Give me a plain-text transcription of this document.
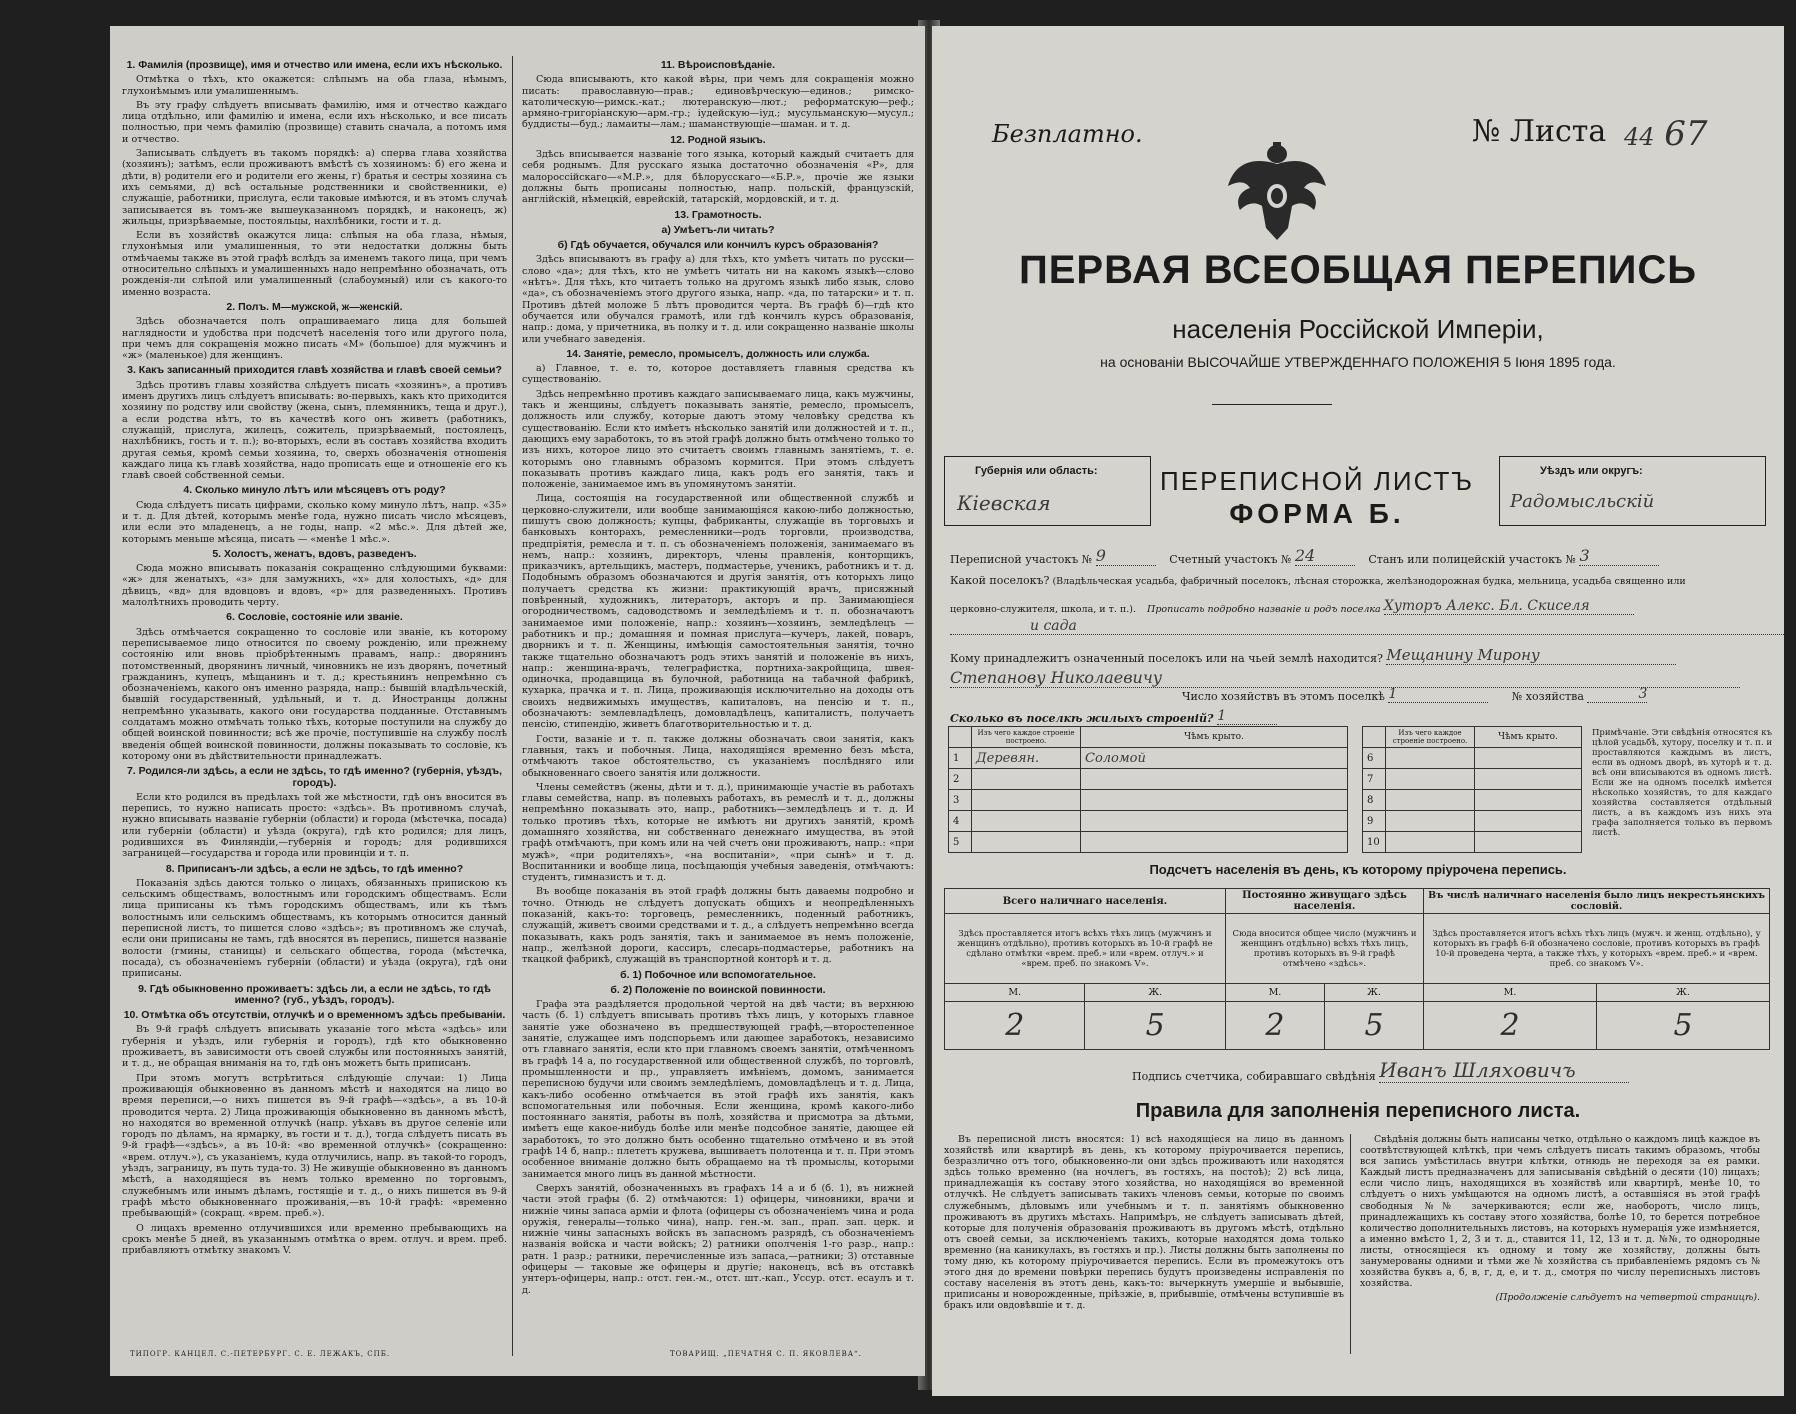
1. Фамилія (прозвище), имя и отчество или имена, если ихъ нѣсколько.

Отмѣтка о тѣхъ, кто окажется: слѣпымъ на оба глаза, нѣмымъ, глухонѣмымъ или умалишеннымъ.

Въ эту графу слѣдуетъ вписывать фамилію, имя и отчество каждаго лица отдѣльно, или фамилію и имена, если ихъ нѣсколько, и все писать полностью, при чемъ фамилію (прозвище) ставить сначала, а потомъ имя и отчество.

Записывать слѣдуетъ въ такомъ порядкѣ: а) сперва глава хозяйства (хозяинъ); затѣмъ, если проживаютъ вмѣстѣ съ хозяиномъ: б) его жена и дѣти, в) родители его и родители его жены, г) братья и сестры хозяина съ ихъ семьями, д) всѣ остальные родственники и свойственники, е) служащіе, работники, прислуга, если таковые имѣются, и въ этомъ случаѣ записывается въ томъ-же вышеуказанномъ порядкѣ, и наконецъ, ж) жильцы, призрѣваемые, постояльцы, нахлѣбники, гости и т. д.

Если въ хозяйствѣ окажутся лица: слѣпыя на оба глаза, нѣмыя, глухонѣмыя или умалишенныя, то эти недостатки должны быть отмѣчаемы также въ этой графѣ вслѣдъ за именемъ такого лица, при чемъ относительно слѣпыхъ и умалишенныхъ надо непремѣнно обозначать, отъ рожденія-ли слѣпой или умалишенный (слабоумный) или съ какого-то именно возраста.

2. Полъ. М—мужской, ж—женскій.

Здѣсь обозначается полъ опрашиваемаго лица для большей наглядности и удобства при подсчетѣ населенія того или другого пола, при чемъ для сокращенія можно писать «М» (большое) для мужчинъ и «ж» (маленькое) для женщинъ.

3. Какъ записанный приходится главѣ хозяйства и главѣ своей семьи?

Здѣсь противъ главы хозяйства слѣдуетъ писать «хозяинъ», а противъ именъ другихъ лицъ слѣдуетъ вписывать: во-первыхъ, какъ кто приходится хозяину по родству или свойству (жена, сынъ, племянникъ, теща и друг.), а если родства нѣтъ, то въ качествѣ кого онъ живетъ (работникъ, служащій, прислуга, жилецъ, сожитель, призрѣваемый, постоялецъ, нахлѣбникъ, гость и т. п.); во-вторыхъ, если въ составъ хозяйства входитъ другая семья, кромѣ семьи хозяина, то, сверхъ обозначенія отношенія каждаго лица къ главѣ хозяйства, надо прописать еще и отношеніе его къ главѣ своей собственной семьи.

4. Сколько минуло лѣтъ или мѣсяцевъ отъ роду?

Сюда слѣдуетъ писать цифрами, сколько кому минуло лѣтъ, напр. «35» и т. д. Для дѣтей, которымъ менѣе года, нужно писать число мѣсяцевъ, или если это младенецъ, а не годы, напр. «2 мѣс.». Для дѣтей же, которымъ меньше мѣсяца, писать — «менѣе 1 мѣс.».

5. Холостъ, женатъ, вдовъ, разведенъ.

Сюда можно вписывать показанія сокращенно слѣдующими буквами: «ж» для женатыхъ, «з» для замужнихъ, «х» для холостыхъ, «д» для дѣвицъ, «вд» для вдовцовъ и вдовъ, «р» для разведенныхъ. Противъ малолѣтнихъ проводить черту.

6. Сословіе, состояніе или званіе.

Здѣсь отмѣчается сокращенно то сословіе или званіе, къ которому переписываемое лицо относится по своему рожденію, или прежнему состоянію или вновь пріобрѣтеннымъ правамъ, напр.: дворянинъ потомственный, дворянинъ личный, чиновникъ не изъ дворянъ, почетный гражданинъ, купецъ, мѣщанинъ и т. д.; крестьянинъ непремѣнно съ обозначеніемъ, какого онъ именно разряда, напр.: бывшій владѣльческій, бывшій государственный, удѣльный, и т. д. Иностранцы должны непремѣнно указывать, какого они государства подданные. Отставнымъ солдатамъ можно отмѣчать только тѣхъ, которые поступили на службу до общей воинской повинности; всѣ же прочіе, поступившіе на службу послѣ введенія общей воинской повинности, должны показывать то сословіе, къ которому они въ дѣйствительности принадлежатъ.

7. Родился-ли здѣсь, а если не здѣсь, то гдѣ именно? (губернія, уѣздъ, городъ).

Если кто родился въ предѣлахъ той же мѣстности, гдѣ онъ вносится въ перепись, то нужно написать просто: «здѣсь». Въ противномъ случаѣ, нужно вписывать названіе губерніи (области) и города (мѣстечка, посада) или губерніи (области) и уѣзда (округа), гдѣ кто родился; для лицъ, родившихся въ Финляндіи,—губернія и городъ; для родившихся заграницей—государства и города или провинціи и т. п.

8. Приписанъ-ли здѣсь, а если не здѣсь, то гдѣ именно?

Показанія здѣсь даются только о лицахъ, обязанныхъ припискою къ сельскимъ обществамъ, волостнымъ или городскимъ обществамъ. Если лица приписаны къ тѣмъ городскимъ обществамъ, или къ тѣмъ волостнымъ или сельскимъ обществамъ, къ которымъ относится данный переписной листъ, то пишется слово «здѣсь»; въ противномъ же случаѣ, если они приписаны не тамъ, гдѣ вносятся въ перепись, пишется названіе волости (гмины, станицы) и сельскаго общества, города (мѣстечка, посада), съ обозначеніемъ губерніи (области) и уѣзда (округа), гдѣ они приписаны.

9. Гдѣ обыкновенно проживаетъ: здѣсь ли, а если не здѣсь, то гдѣ именно? (губ., уѣздъ, городъ).
10. Отмѣтка объ отсутствіи, отлучкѣ и о временномъ здѣсь пребываніи.

Въ 9-й графѣ слѣдуетъ вписывать указаніе того мѣста «здѣсь» или губернія и уѣздъ, или губернія и городъ), гдѣ кто обыкновенно проживаетъ, въ зависимости отъ своей службы или постоянныхъ занятій, и т. д., не обращая вниманія на то, гдѣ онъ можетъ быть приписанъ.

При этомъ могутъ встрѣтиться слѣдующіе случаи: 1) Лица проживающія обыкновенно въ данномъ мѣстѣ и находятся на лицо во время переписи,—о нихъ пишется въ 9-й графѣ—«здѣсь», а въ 10-й проводится черта. 2) Лица проживающія обыкновенно въ данномъ мѣстѣ, но находятся во временной отлучкѣ (напр. уѣхавъ въ другое селеніе или городъ по дѣламъ, на ярмарку, въ гости и т. д.), тогда слѣдуетъ писать въ 9-й графѣ—«здѣсь», а въ 10-й: «во временной отлучкѣ» (сокращенно: «врем. отлуч.»), съ указаніемъ, куда отлучились, напр. въ такой-то городъ, уѣздъ, заграницу, въ путь туда-то. 3) Не живущіе обыкновенно въ данномъ мѣстѣ, а находящіеся въ немъ только временно по торговымъ, служебнымъ или инымъ дѣламъ, гостящіе и т. д., о нихъ пишется въ 9-й графѣ мѣсто обыкновеннаго проживанія,—въ 10-й графѣ: «временно пребывающій» (сокращ. «врем. преб.»).

О лицахъ временно отлучившихся или временно пребывающихъ на срокъ менѣе 5 дней, въ указаннымъ отмѣтка о врем. отлуч. и врем. преб. прибавляютъ отмѣтку знакомъ V.

11. Вѣроисповѣданіе.

Сюда вписываютъ, кто какой вѣры, при чемъ для сокращенія можно писать: православную—прав.; единовѣрческую—единов.; римско-католическую—римск.-кат.; лютеранскую—лют.; реформатскую—реф.; армяно-григоріанскую—арм.-гр.; іудейскую—іуд.; мусульманскую—мусул.; буддисты—буд.; ламаиты—лам.; шаманствующіе—шаман. и т. д.

12. Родной языкъ.

Здѣсь вписывается названіе того языка, который каждый считаетъ для себя роднымъ. Для русскаго языка достаточно обозначенія «Р», для малороссійскаго—«М.Р.», для бѣлорусскаго—«Б.Р.», прочіе же языки должны быть прописаны полностью, напр. польскій, французскій, англійскій, нѣмецкій, еврейскій, татарскій, мордовскій, и т. д.

13. Грамотность.
а) Умѣетъ-ли читать?
б) Гдѣ обучается, обучался или кончилъ курсъ образованія?

Здѣсь вписываютъ въ графу а) для тѣхъ, кто умѣетъ читать по русски—слово «да»; для тѣхъ, кто не умѣетъ читать ни на какомъ языкѣ—слово «нѣтъ». Для тѣхъ, кто читаетъ только на другомъ языкѣ либо язык, слово «да», съ обозначеніемъ этого другого языка, напр. «да, по татарски» и т. п. Противъ дѣтей моложе 5 лѣтъ проводится черта. Въ графѣ б)—гдѣ кто обучается или обучался грамотѣ, или гдѣ кончилъ курсъ образованія, напр.: дома, у причетника, въ полку и т. д. или сокращенно названіе школы или учебнаго заведенія.

14. Занятіе, ремесло, промыселъ, должность или служба.

а) Главное, т. е. то, которое доставляетъ главныя средства къ существованію.

Здѣсь непремѣнно противъ каждаго записываемаго лица, какъ мужчины, такъ и женщины, слѣдуетъ показывать занятіе, ремесло, промыселъ, должность или службу, которые даютъ этому человѣку средства къ существованію. Если кто имѣетъ нѣсколько занятій или должностей и т. п., дающихъ ему заработокъ, то въ этой графѣ должно быть отмѣчено только то изъ нихъ, которое лицо это считаетъ своимъ главнымъ занятіемъ, т. е. которымъ оно главнымъ образомъ кормится. При этомъ слѣдуетъ показывать противъ каждаго лица, какъ родъ его занятія, такъ и положеніе, занимаемое имъ въ упомянутомъ занятіи.

Лица, состоящія на государственной или общественной службѣ и церковно-служители, или вообще занимающіяся какою-либо должностью, пишутъ свою должность; купцы, фабриканты, служащіе въ торговыхъ и банковыхъ конторахъ, ремесленники—родъ торговли, производства, предпріятія, ремесла и т. п. съ обозначеніемъ положенія, занимаемаго въ немъ, напр.: хозяинъ, директоръ, члены правленія, конторщикъ, приказчикъ, артельщикъ, мастеръ, подмастерье, ученикъ, работникъ и т. д. Подобнымъ образомъ обозначаются и другія занятія, отъ которыхъ лицо получаетъ средства къ жизни: практикующій врачъ, присяжный повѣренный, художникъ, литераторъ, акторъ и пр. Занимающіеся огородничествомъ, садоводствомъ и земледѣліемъ и т. п. обозначаютъ занимаемое ими положеніе, напр.: хозяинъ—хозяинъ, земледѣлецъ — работникъ и пр.; домашняя и помная прислуга—кучеръ, лакей, поваръ, дворникъ и т. п. Женщины, имѣющія самостоятельныя занятія, точно также тщательно обозначаютъ родъ этихъ занятій и положеніе въ нихъ, напр.: женщина-врачъ, телеграфистка, портниха-закройщица, швея-одиночка, продавщица въ булочной, работница на табачной фабрикѣ, кухарка, прачка и т. п. Лица, проживающія исключительно на доходы отъ своихъ недвижимыхъ имуществъ, капиталовъ, на пенсію и т. п., обозначаютъ: землевладѣлецъ, домовладѣлецъ, капиталистъ, получаетъ пенсію, стипендію, живетъ благотворительностью и т. д.

Гости, вазаніе и т. п. также должны обозначать свои занятія, какъ главныя, такъ и побочныя. Лица, находящіяся временно безъ мѣста, отмѣчаютъ такое обстоятельство, съ указаніемъ послѣдняго или обыкновеннаго своего занятія или должности.

Члены семействъ (жены, дѣти и т. д.), принимающіе участіе въ работахъ главы семейства, напр. въ полевыхъ работахъ, въ ремеслѣ и т. д., должны непремѣнно показывать это, напр., работникъ—земледѣлецъ и т. д. И только противъ тѣхъ, которые не имѣютъ ни другихъ занятій, кромѣ домашняго хозяйства, ни собственнаго денежнаго имущества, въ этой графѣ отмѣчаютъ, при комъ или на чей счетъ они проживаютъ, напр.: «при мужѣ», «при родителяхъ», «на воспитаніи», «при сынѣ» и т. д. Воспитанники и вообще лица, посѣщающія учебныя заведенія, отмѣчаютъ: студентъ, гимназистъ и т. д.

Въ вообще показанія въ этой графѣ должны быть даваемы подробно и точно. Отнюдь не слѣдуетъ допускать общихъ и неопредѣленныхъ показаній, какъ-то: торговецъ, ремесленникъ, поденный работникъ, служащій, живетъ своими средствами и т. д., а слѣдуетъ непремѣнно всегда показывать, какъ родъ занятія, такъ и занимаемое въ немъ положеніе, напр., желѣзной дороги, кассиръ, слесарь-подмастерье, работникъ на ткацкой фабрикѣ, служащій въ транспортной конторѣ и т. д.

б. 1) Побочное или вспомогательное.
б. 2) Положеніе по воинской повинности.

Графа эта раздѣляется продольной чертой на двѣ части; въ верхнюю часть (б. 1) слѣдуетъ вписывать противъ тѣхъ лицъ, у которыхъ главное занятіе уже обозначено въ предшествующей графѣ,—второстепенное занятіе, служащее имъ подспорьемъ или дающее заработокъ, независимо отъ главнаго занятія, если кто при главномъ своемъ занятіи, отмѣченномъ въ графѣ 14 а, по государственной или общественной службѣ, по торговлѣ, промышленности и пр., управляетъ имѣніемъ, домомъ, занимается переписною будучи или своимъ земледѣліемъ, домовладѣлецъ и т. д. Лица, какъ-либо особенно отмѣчается въ этой графѣ ихъ занятія, какъ вспомогательныя или побочныя. Если женщина, кромѣ какого-либо постояннаго занятія, работы въ полѣ, хозяйства и присмотра за дѣтьми, имѣетъ еще какое-нибудь болѣе или менѣе подсобное занятіе, дающее ей заработокъ, то это должно быть особенно тщательно отмѣчено и въ этой графѣ 14 б, напр.: плететъ кружева, вышиваетъ полотенца и т. п. При этомъ особенное вниманіе должно быть обращаемо на тѣ промыслы, которыми занимается много лицъ въ данной мѣстности.

Сверхъ занятій, обозначенныхъ въ графахъ 14 а и б (б. 1), въ нижней части этой графы (б. 2) отмѣчаются: 1) офицеры, чиновники, врачи и нижніе чины запаса арміи и флота (офицеры съ обозначеніемъ чина и рода оружія, генералы—только чина), напр. ген.-м. зап., прап. зап. церк. и нижніе чины запасныхъ войскъ въ запасномъ разрядѣ, съ обозначеніемъ названія войска и части войскъ; 2) ратники ополченія 1-го разр., напр.: ратн. 1 разр.; ратники, перечисленные изъ запаса,—ратники; 3) отставные офицеры — таковые же офицеры и другіе; наконецъ, всѣ въ отставкѣ унтеръ-офицеры, напр.: отст. ген.-м., отст. шт.-кап., Уссур. отст. есаулъ и т. д.

ТИПОГР. КАНЦЕЛ. С.-ПЕТЕРБУРГ. С. Е. ЛЕЖАКЪ, СПБ.	ТОВАРИЩ. „ПЕЧАТНЯ С. П. ЯКОВЛЕВА“.
Безплатно.	№ Листа 44 67
ПЕРВАЯ ВСЕОБЩАЯ ПЕРЕПИСЬ
населенія Россійской Имперіи,
на основаніи ВЫСОЧАЙШЕ УТВЕРЖДЕННАГО ПОЛОЖЕНІЯ 5 Іюня 1895 года.
Губернія или область:
Кіевская
Уѣздъ или округъ:
Радомысльскій
ПЕРЕПИСНОЙ ЛИСТЪ
ФОРМА Б.
Переписной участокъ № 9	Счетный участокъ № 24	Станъ или полицейскій участокъ № 3
Какой поселокъ? (Владѣльческая усадьба, фабричный поселокъ, лѣсная сторожка, желѣзнодорожная будка, мельница, усадьба священно или
церковно-служителя, школа, и т. п.). Прописать подробно названіе и родъ поселка Хуторъ Алекс. Бл. Скиселя
и сада
Кому принадлежитъ означенный поселокъ или на чьей землѣ находится? Мещанину Мирону
Степанову Николаевичу
Число хозяйствъ въ этомъ поселкѣ 1	№ хозяйства	3
Сколько въ поселкѣ жилыхъ строеній? 1
	Изъ чего каждое строеніе построено.	Чѣмъ крыто.
1	Деревян.	Соломой
2		
3		
4		
5		
	Изъ чего каждое строеніе построено.	Чѣмъ крыто.
6		
7		
8		
9		
10		
Примѣчаніе. Эти свѣдѣнія относятся къ цѣлой усадьбѣ, хутору, поселку и т. п. и проставляются каждымъ въ листъ, если въ одномъ дворѣ, въ хуторѣ и т. д. всѣ они вписываются въ одномъ листѣ. Если же на одномъ поселкѣ имѣется нѣсколько хозяйствъ, то для каждаго хозяйства составляется отдѣльный листъ, а въ каждомъ изъ нихъ эта графа заполняется только въ первомъ листѣ.
Подсчетъ населенія въ день, къ которому пріурочена перепись.
Всего наличнаго населенія.		Постоянно живущаго здѣсь населенія.		Въ числѣ наличнаго населенія было лицъ некрестьянскихъ сословій.	
Здѣсь проставляется итогъ всѣхъ тѣхъ лицъ (мужчинъ и женщинъ отдѣльно), противъ которыхъ въ 10-й графѣ не сдѣлано отмѣтки «врем. преб.» или «врем. отлуч.» и «врем. преб. по знакомъ V».		Сюда вносится общее число (мужчинъ и женщинъ отдѣльно) всѣхъ тѣхъ лицъ, противъ которыхъ въ 9-й графѣ отмѣчено «здѣсь».		Здѣсь проставляется итогъ всѣхъ тѣхъ лицъ (мужч. и женщ. отдѣльно), у которыхъ въ графѣ 6-й обозначено сословіе, противъ которыхъ въ графѣ 10-й проведена черта, а также тѣхъ, у которыхъ «врем. преб.» и «врем. преб. со знакомъ V».	
М.	Ж.	М.	Ж.	М.	Ж.
2	5	2	5	2	5
Подпись счетчика, собиравшаго свѣдѣнія Иванъ Шляховичъ
Правила для заполненія переписного листа.

Въ переписной листъ вносятся: 1) всѣ находящіеся на лицо въ данномъ хозяйствѣ или квартирѣ въ день, къ которому пріурочивается перепись, безразлично отъ того, обыкновенно-ли они здѣсь проживаютъ или находятся здѣсь только временно (на ночлегъ, въ гостяхъ, на постоѣ); 2) всѣ лица, принадлежащія къ составу этого хозяйства, но находящіяся во временной отлучкѣ. Не слѣдуетъ записывать такихъ членовъ семьи, которые по своимъ служебнымъ, дѣловымъ или учебнымъ и т. п. занятіямъ обыкновенно проживаютъ въ другихъ мѣстахъ. Напримѣръ, не слѣдуетъ записывать дѣтей, которые для полученія образованія проживаютъ въ другомъ мѣстѣ, отдѣльно отъ своей семьи, за исключеніемъ такихъ, которые находятся дома только временно (на каникулахъ, въ гостяхъ и пр.). Листы должны быть заполнены по тому дню, къ которому пріурочивается перепись. Если въ промежутокъ отъ этого дня до времени повѣрки перепись будутъ произведены исправленія по составу населенія въ этотъ день, какъ-то: вычеркнуть умершіе и выбывшіе, приписаны и новорожденные, пріѣзжіе, в, прибывшіе, отмѣчены вступившіе въ бракъ или овдовѣвшіе и т. д.

Свѣдѣнія должны быть написаны четко, отдѣльно о каждомъ лицѣ каждое въ соотвѣтствующей клѣткѣ, при чемъ слѣдуетъ писать такимъ образомъ, чтобы вся запись умѣстилась внутри клѣтки, отнюдь не переходя за ея рамки. Каждый листъ предназначенъ для записыванія свѣдѣній о десяти (10) лицахъ; если число лицъ, находящихся въ хозяйствѣ или квартирѣ, менѣе 10, то слѣдуетъ о нихъ умѣщаются на одномъ листѣ, а оставшіяся въ этой графѣ свободныя №№ зачеркиваются; если же, наоборотъ, число лицъ, принадлежащихъ къ составу этого хозяйства, болѣе 10, то берется потребное количество дополнительныхъ листовъ, на которыхъ нумерація уже измѣняется, а именно вмѣсто 1, 2, 3 и т. д., ставится 11, 12, 13 и т. д. №№, то однородные листы, относящіеся къ одному и тому же хозяйству, должны быть занумерованы одними и тѣми же № хозяйства съ прибавленіемъ рядомъ съ № хозяйства буквъ а, б, в, г, д, е, и т. д., смотря по числу переписныхъ листовъ хозяйства.

(Продолженіе слѣдуетъ на четвертой страницѣ).
